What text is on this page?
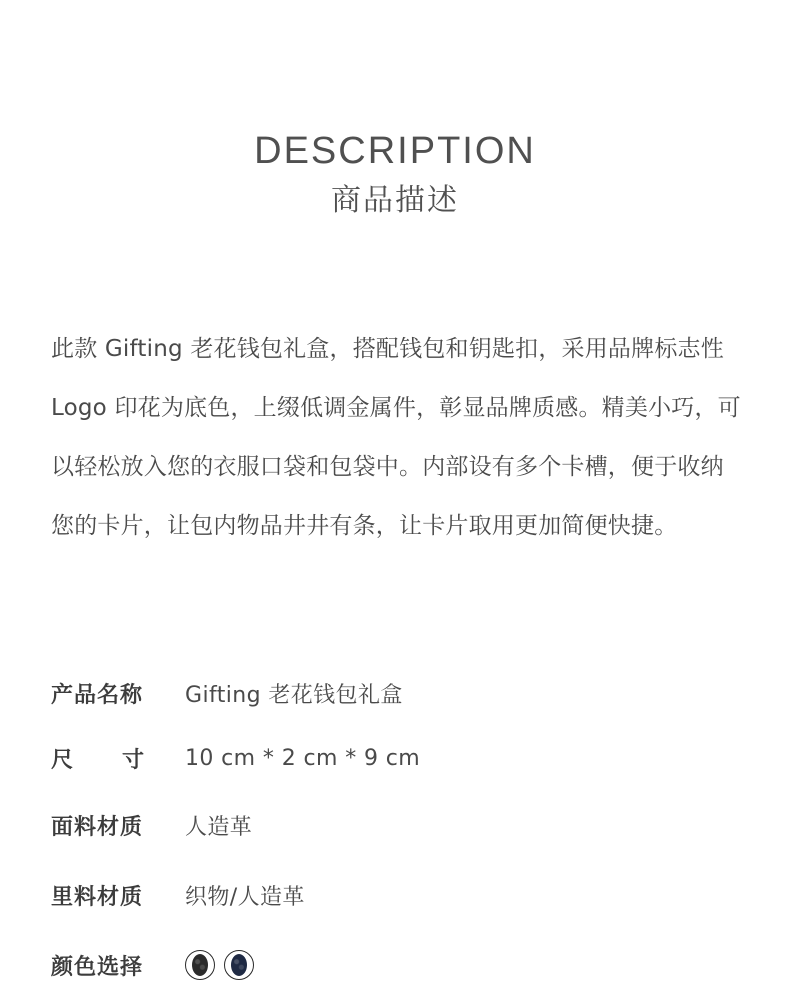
DESCRIPTION
商品描述

此款 Gifting 老花钱包礼盒，搭配钱包和钥匙扣，采用品牌标志性 Logo 印花为底色，上缀低调金属件，彰显品牌质感。精美小巧，可以轻松放入您的衣服口袋和包袋中。内部设有多个卡槽，便于收纳您的卡片，让包内物品井井有条，让卡片取用更加简便快捷。

产品名称	Gifting 老花钱包礼盒
尺 寸 10 cm * 2 cm * 9 cm
面料材质	人造革
里料材质	织物/人造革
颜色选择
